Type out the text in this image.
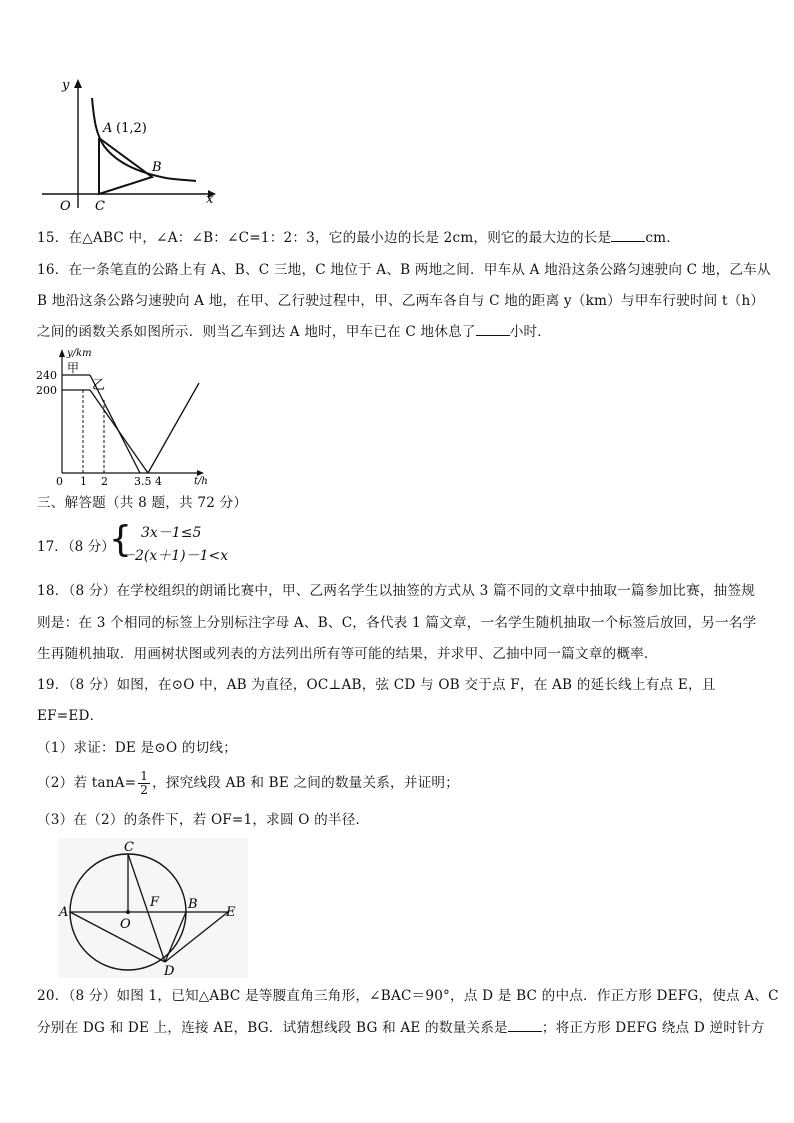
y
x
O
A (1,2)
B
C
15．在△ABC 中，∠A：∠B：∠C=1：2：3，它的最小边的长是 2cm，则它的最大边的长是	cm．
16．在一条笔直的公路上有 A、B、C 三地，C 地位于 A、B 两地之间．甲车从 A 地沿这条公路匀速驶向 C 地，乙车从
B 地沿这条公路匀速驶向 A 地，在甲、乙行驶过程中，甲、乙两车各自与 C 地的距离 y（km）与甲车行驶时间 t（h）
之间的函数关系如图所示．则当乙车到达 A 地时，甲车已在 C 地休息了	小时．
y/km
t/h
甲
乙
240
200
0 1 2 3.5 4
三、解答题（共 8 题，共 72 分）
17．（8 分）
{ 3x－1≤5
－2(x＋1)－1<x
18．（8 分）在学校组织的朗诵比赛中，甲、乙两名学生以抽签的方式从 3 篇不同的文章中抽取一篇参加比赛，抽签规
则是：在 3 个相同的标签上分别标注字母 A、B、C，各代表 1 篇文章，一名学生随机抽取一个标签后放回，另一名学
生再随机抽取．用画树状图或列表的方法列出所有等可能的结果，并求甲、乙抽中同一篇文章的概率．
19．（8 分）如图，在⊙O 中，AB 为直径，OC⊥AB，弦 CD 与 OB 交于点 F，在 AB 的延长线上有点 E，且
EF=ED．
（1）求证：DE 是⊙O 的切线；
（2）若 $\tan A= \frac{1}{2}$ ，探究线段 AB 和 BE 之间的数量关系，并证明；
（3）在（2）的条件下，若 OF=1，求圆 O 的半径．
C
A
F B
E
O
D
20．（8 分）如图 1，已知△ABC 是等腰直角三角形，∠BAC＝90°，点 D 是 BC 的中点．作正方形 DEFG，使点 A、C
分别在 DG 和 DE 上，连接 AE，BG．试猜想线段 BG 和 AE 的数量关系是	；将正方形 DEFG 绕点 D 逆时针方
